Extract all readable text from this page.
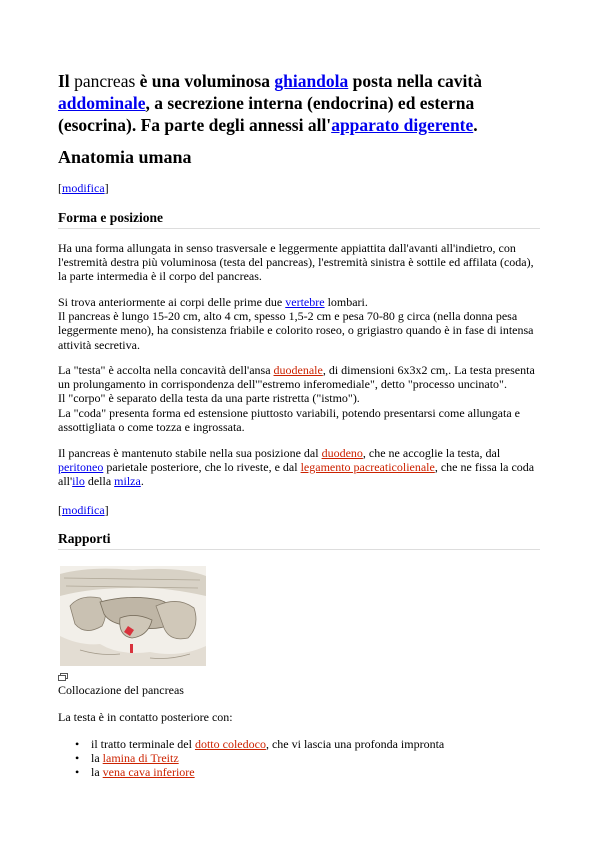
Il pancreas è una voluminosa ghiandola posta nella cavità addominale, a secrezione interna (endocrina) ed esterna (esocrina). Fa parte degli annessi all'apparato digerente.
Anatomia umana
[modifica]
Forma e posizione

Ha una forma allungata in senso trasversale e leggermente appiattita dall'avanti all'indietro, con l'estremità destra più voluminosa (testa del pancreas), l'estremità sinistra è sottile ed affilata (coda), la parte intermedia è il corpo del pancreas.

Si trova anteriormente ai corpi delle prime due vertebre lombari.
Il pancreas è lungo 15-20 cm, alto 4 cm, spesso 1,5-2 cm e pesa 70-80 g circa (nella donna pesa leggermente meno), ha consistenza friabile e colorito roseo, o grigiastro quando è in fase di intensa attività secretiva.

La "testa" è accolta nella concavità dell'ansa duodenale, di dimensioni 6x3x2 cm,. La testa presenta un prolungamento in corrispondenza dell'"estremo inferomediale", detto "processo uncinato".
Il "corpo" è separato della testa da una parte ristretta ("istmo").
La "coda" presenta forma ed estensione piuttosto variabili, potendo presentarsi come allungata e assottigliata o come tozza e ingrossata.

Il pancreas è mantenuto stabile nella sua posizione dal duodeno, che ne accoglie la testa, dal peritoneo parietale posteriore, che lo riveste, e dal legamento pacreaticolienale, che ne fissa la coda all'ilo della milza.

[modifica]
Rapporti
Collocazione del pancreas

La testa è in contatto posteriore con:

• il tratto terminale del dotto coledoco, che vi lascia una profonda impronta
• la lamina di Treitz
• la vena cava inferiore
